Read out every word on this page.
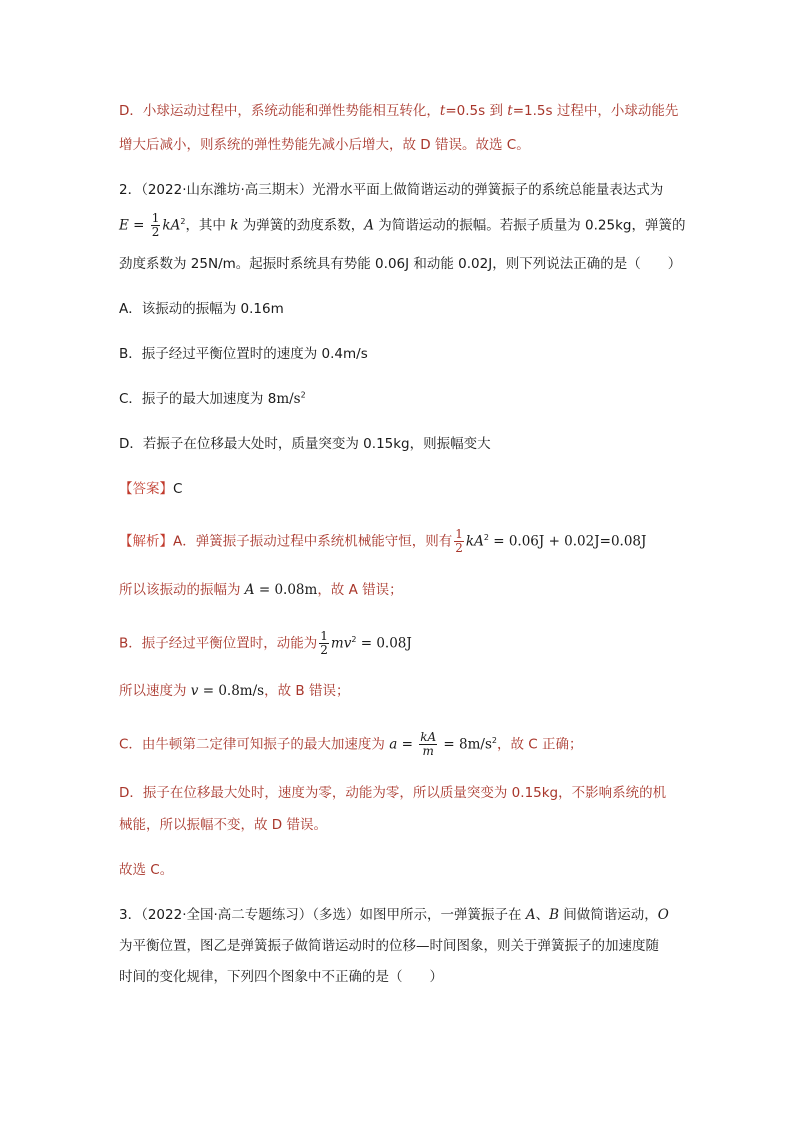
D．小球运动过程中，系统动能和弹性势能相互转化，t=0.5s 到 t=1.5s 过程中，小球动能先
增大后减小，则系统的弹性势能先减小后增大，故 D 错误。故选 C。
2．（2022·山东潍坊·高三期末）光滑水平面上做简谐运动的弹簧振子的系统总能量表达式为
$E = \frac{1}{2} kA^2$，其中 k 为弹簧的劲度系数，A 为简谐运动的振幅。若振子质量为 0.25kg，弹簧的
劲度系数为 25N/m。起振时系统具有势能 0.06J 和动能 0.02J，则下列说法正确的是（　　）
A．该振动的振幅为 0.16m
B．振子经过平衡位置时的速度为 0.4m/s
C．振子的最大加速度为 $8m/s^2$
D．若振子在位移最大处时，质量突变为 0.15kg，则振幅变大
【答案】C
【解析】A．弹簧振子振动过程中系统机械能守恒，则有 $\frac{1}{2} kA^2 = 0.06J + 0.02J=0.08J$
所以该振动的振幅为 A = 0.08m，故 A 错误；
B．振子经过平衡位置时，动能为 $\frac{1}{2} mv^2 = 0.08J$
所以速度为 v = 0.8m/s，故 B 错误；
C．由牛顿第二定律可知振子的最大加速度为 $a = \frac{kA}{m} = 8m/s^2$，故 C 正确；
D．振子在位移最大处时，速度为零，动能为零，所以质量突变为 0.15kg，不影响系统的机
械能，所以振幅不变，故 D 错误。
故选 C。
3．（2022·全国·高二专题练习）（多选）如图甲所示，一弹簧振子在 A、B 间做简谐运动，O
为平衡位置，图乙是弹簧振子做简谐运动时的位移—时间图象，则关于弹簧振子的加速度随
时间的变化规律，下列四个图象中不正确的是（　　）
